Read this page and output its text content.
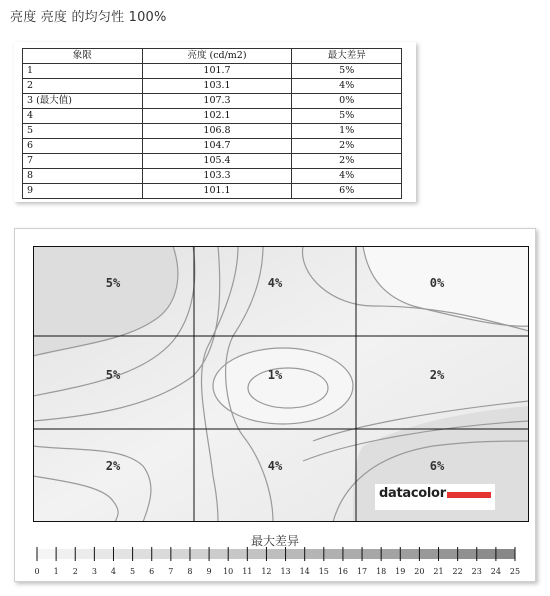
亮度 亮度 的均匀性 100%
象限	亮度 (cd/m2)	最大差异
1	101.7	5%
2	103.1	4%
3 (最大值)	107.3	0%
4	102.1	5%
5	106.8	1%
6	104.7	2%
7	105.4	2%
8	103.3	4%
9	101.1	6%
5%	4%	0%
5%	1%	2%
2%	4%	6%
datacolor
最大差异
0 1 2 3 4 5 6 7 8 9 10 11 12 13 14 15 16 17 18 19 20 21 22 23 24 25
